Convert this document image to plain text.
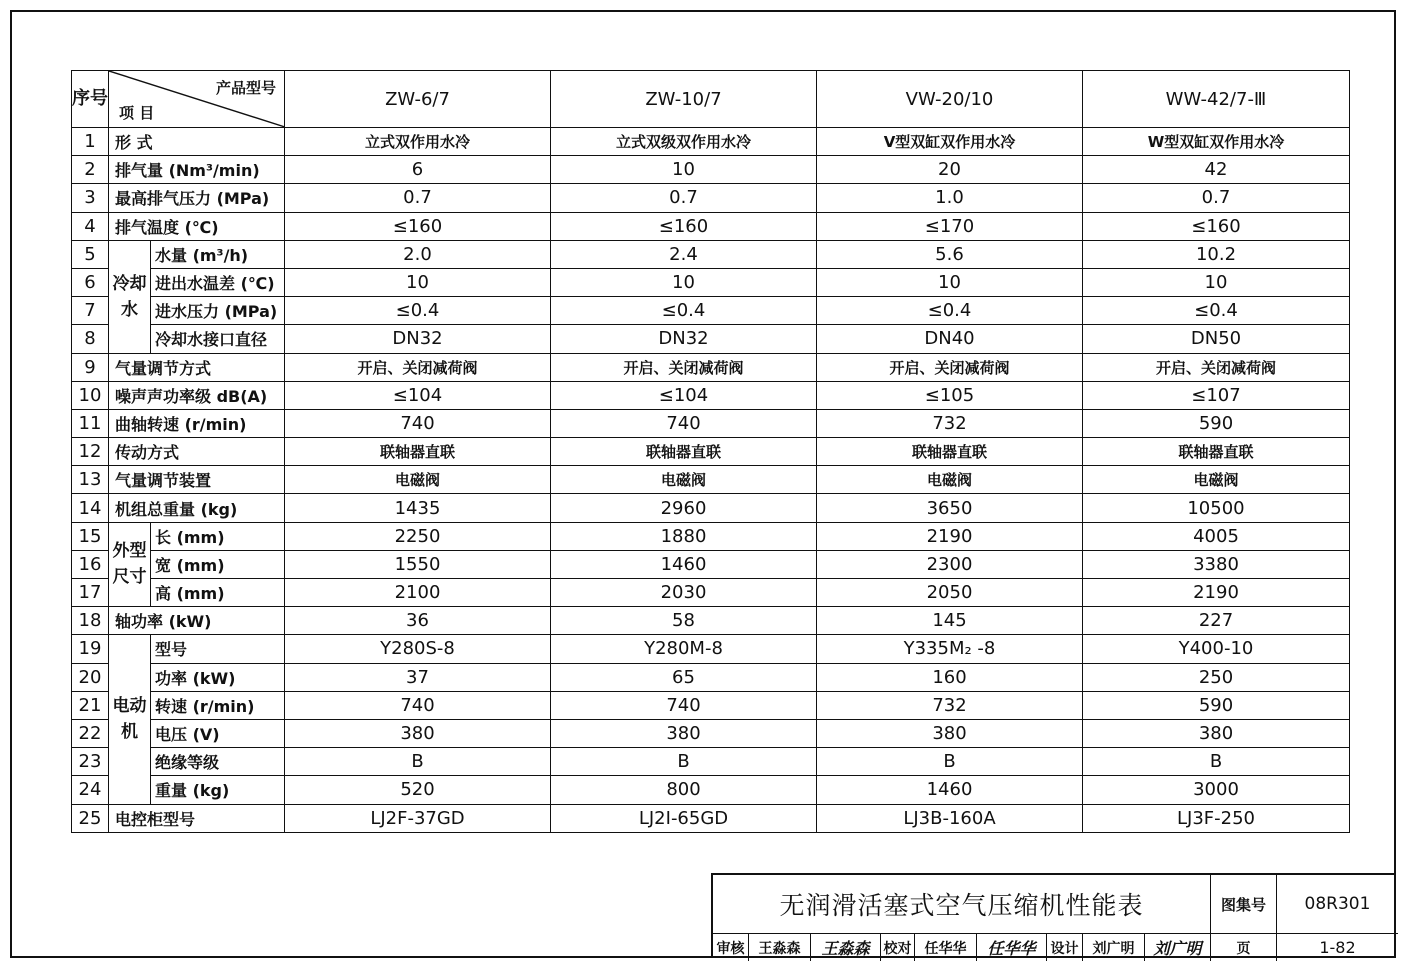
序号	产品型号
项 目		ZW-6/7	ZW-10/7	VW-20/10	WW-42/7-Ⅲ
1	形 式		立式双作用水冷	立式双级双作用水冷	V型双缸双作用水冷	W型双缸双作用水冷
2	排气量 (Nm³/min)		6	10	20	42
3	最高排气压力 (MPa)		0.7	0.7	1.0	0.7
4	排气温度 (℃)		≤160	≤160	≤170	≤160
5	冷却水	水量 (m³/h)	2.0	2.4	5.6	10.2
6		进出水温差 (℃)	10	10	10	10
7		进水压力 (MPa)	≤0.4	≤0.4	≤0.4	≤0.4
8		冷却水接口直径	DN32	DN32	DN40	DN50
9	气量调节方式		开启、关闭减荷阀	开启、关闭减荷阀	开启、关闭减荷阀	开启、关闭减荷阀
10	噪声声功率级 dB(A)		≤104	≤104	≤105	≤107
11	曲轴转速 (r/min)		740	740	732	590
12	传动方式		联轴器直联	联轴器直联	联轴器直联	联轴器直联
13	气量调节装置		电磁阀	电磁阀	电磁阀	电磁阀
14	机组总重量 (kg)		1435	2960	3650	10500
15	外型尺寸	长 (mm)	2250	1880	2190	4005
16		宽 (mm)	1550	1460	2300	3380
17		高 (mm)	2100	2030	2050	2190
18	轴功率 (kW)		36	58	145	227
19	电动机	型号	Y280S-8	Y280M-8	Y335M₂ -8	Y400-10
20		功率 (kW)	37	65	160	250
21		转速 (r/min)	740	740	732	590
22		电压 (V)	380	380	380	380
23		绝缘等级	B	B	B	B
24		重量 (kg)	520	800	1460	3000
25	电控柜型号		LJ2F-37GD	LJ2I-65GD	LJ3B-160A	LJ3F-250
无润滑活塞式空气压缩机性能表	图集号	08R301
审核	王淼森	王淼森	校对 任华华	任华华	设计	刘广明	刘广明	页	1-82
